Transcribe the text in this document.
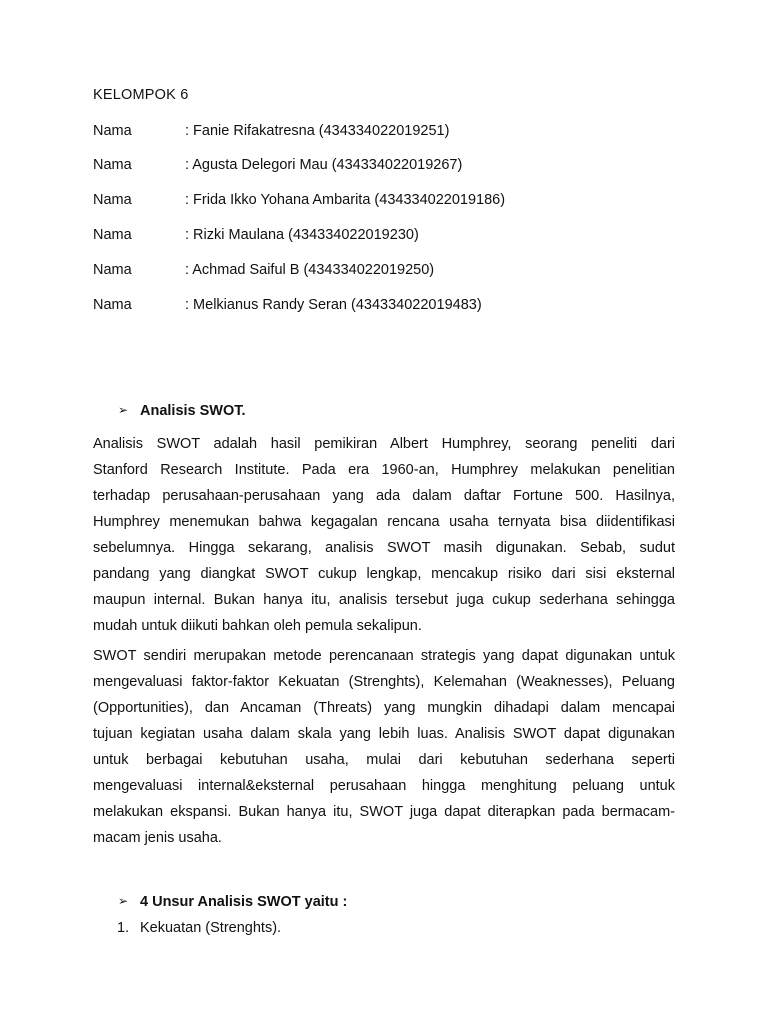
KELOMPOK 6
Nama	: Fanie Rifakatresna (434334022019251)
Nama	: Agusta Delegori Mau (434334022019267)
Nama	: Frida Ikko Yohana Ambarita (434334022019186)
Nama	: Rizki Maulana (434334022019230)
Nama	: Achmad Saiful B (434334022019250)
Nama	: Melkianus Randy Seran (434334022019483)
➢ Analisis SWOT.
Analisis SWOT adalah hasil pemikiran Albert Humphrey, seorang peneliti dari
Stanford Research Institute. Pada era 1960-an, Humphrey melakukan penelitian
terhadap perusahaan-perusahaan yang ada dalam daftar Fortune 500. Hasilnya,
Humphrey menemukan bahwa kegagalan rencana usaha ternyata bisa diidentifikasi
sebelumnya. Hingga sekarang, analisis SWOT masih digunakan. Sebab, sudut
pandang yang diangkat SWOT cukup lengkap, mencakup risiko dari sisi eksternal
maupun internal. Bukan hanya itu, analisis tersebut juga cukup sederhana sehingga
mudah untuk diikuti bahkan oleh pemula sekalipun.
SWOT sendiri merupakan metode perencanaan strategis yang dapat digunakan untuk
mengevaluasi faktor-faktor Kekuatan (Strenghts), Kelemahan (Weaknesses), Peluang
(Opportunities), dan Ancaman (Threats) yang mungkin dihadapi dalam mencapai
tujuan kegiatan usaha dalam skala yang lebih luas. Analisis SWOT dapat digunakan
untuk berbagai kebutuhan usaha, mulai dari kebutuhan sederhana seperti
mengevaluasi internal&eksternal perusahaan hingga menghitung peluang untuk
melakukan ekspansi. Bukan hanya itu, SWOT juga dapat diterapkan pada bermacam-
macam jenis usaha.
➢ 4 Unsur Analisis SWOT yaitu :
1. Kekuatan (Strenghts).
